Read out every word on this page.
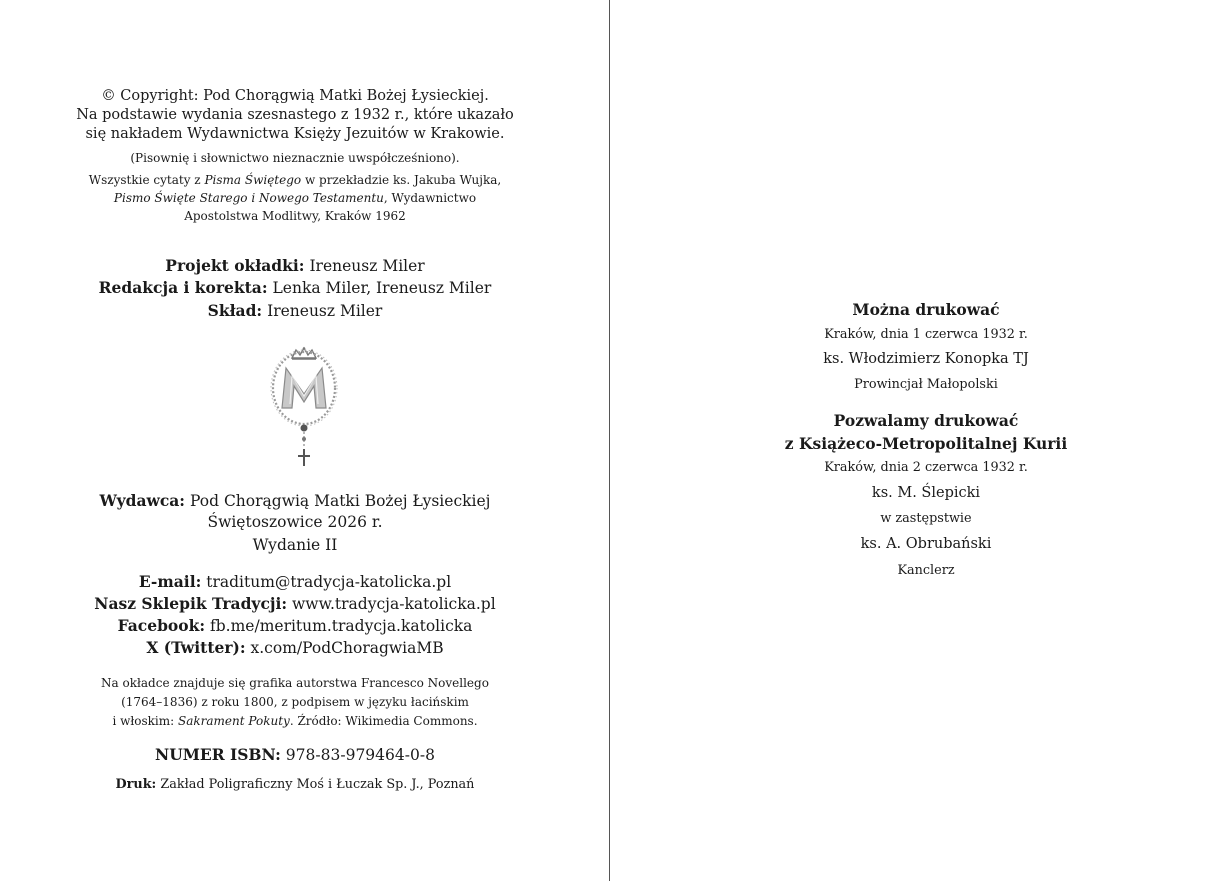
© Copyright: Pod Chorągwią Matki Bożej Łysieckiej.
Na podstawie wydania szesnastego z 1932 r., które ukazało
się nakładem Wydawnictwa Księży Jezuitów w Krakowie.
(Pisownię i słownictwo nieznacznie uwspółcześniono).
Wszystkie cytaty z Pisma Świętego w przekładzie ks. Jakuba Wujka,
Pismo Święte Starego i Nowego Testamentu, Wydawnictwo
Apostolstwa Modlitwy, Kraków 1962
Projekt okładki: Ireneusz Miler
Redakcja i korekta: Lenka Miler, Ireneusz Miler
Skład: Ireneusz Miler
Wydawca: Pod Chorągwią Matki Bożej Łysieckiej
Świętoszowice 2026 r.
Wydanie II
E-mail: traditum@tradycja-katolicka.pl
Nasz Sklepik Tradycji: www.tradycja-katolicka.pl
Facebook: fb.me/meritum.tradycja.katolicka
X (Twitter): x.com/PodChoragwiaMB
Na okładce znajduje się grafika autorstwa Francesco Novellego
(1764–1836) z roku 1800, z podpisem w języku łacińskim
i włoskim: Sakrament Pokuty. Źródło: Wikimedia Commons.
NUMER ISBN: 978-83-979464-0-8
Druk: Zakład Poligraficzny Moś i Łuczak Sp. J., Poznań
Można drukować
Kraków, dnia 1 czerwca 1932 r.
ks. Włodzimierz Konopka TJ
Prowincjał Małopolski
Pozwalamy drukować
z Książeco-Metropolitalnej Kurii
Kraków, dnia 2 czerwca 1932 r.
ks. M. Ślepicki
w zastępstwie
ks. A. Obrubański
Kanclerz
